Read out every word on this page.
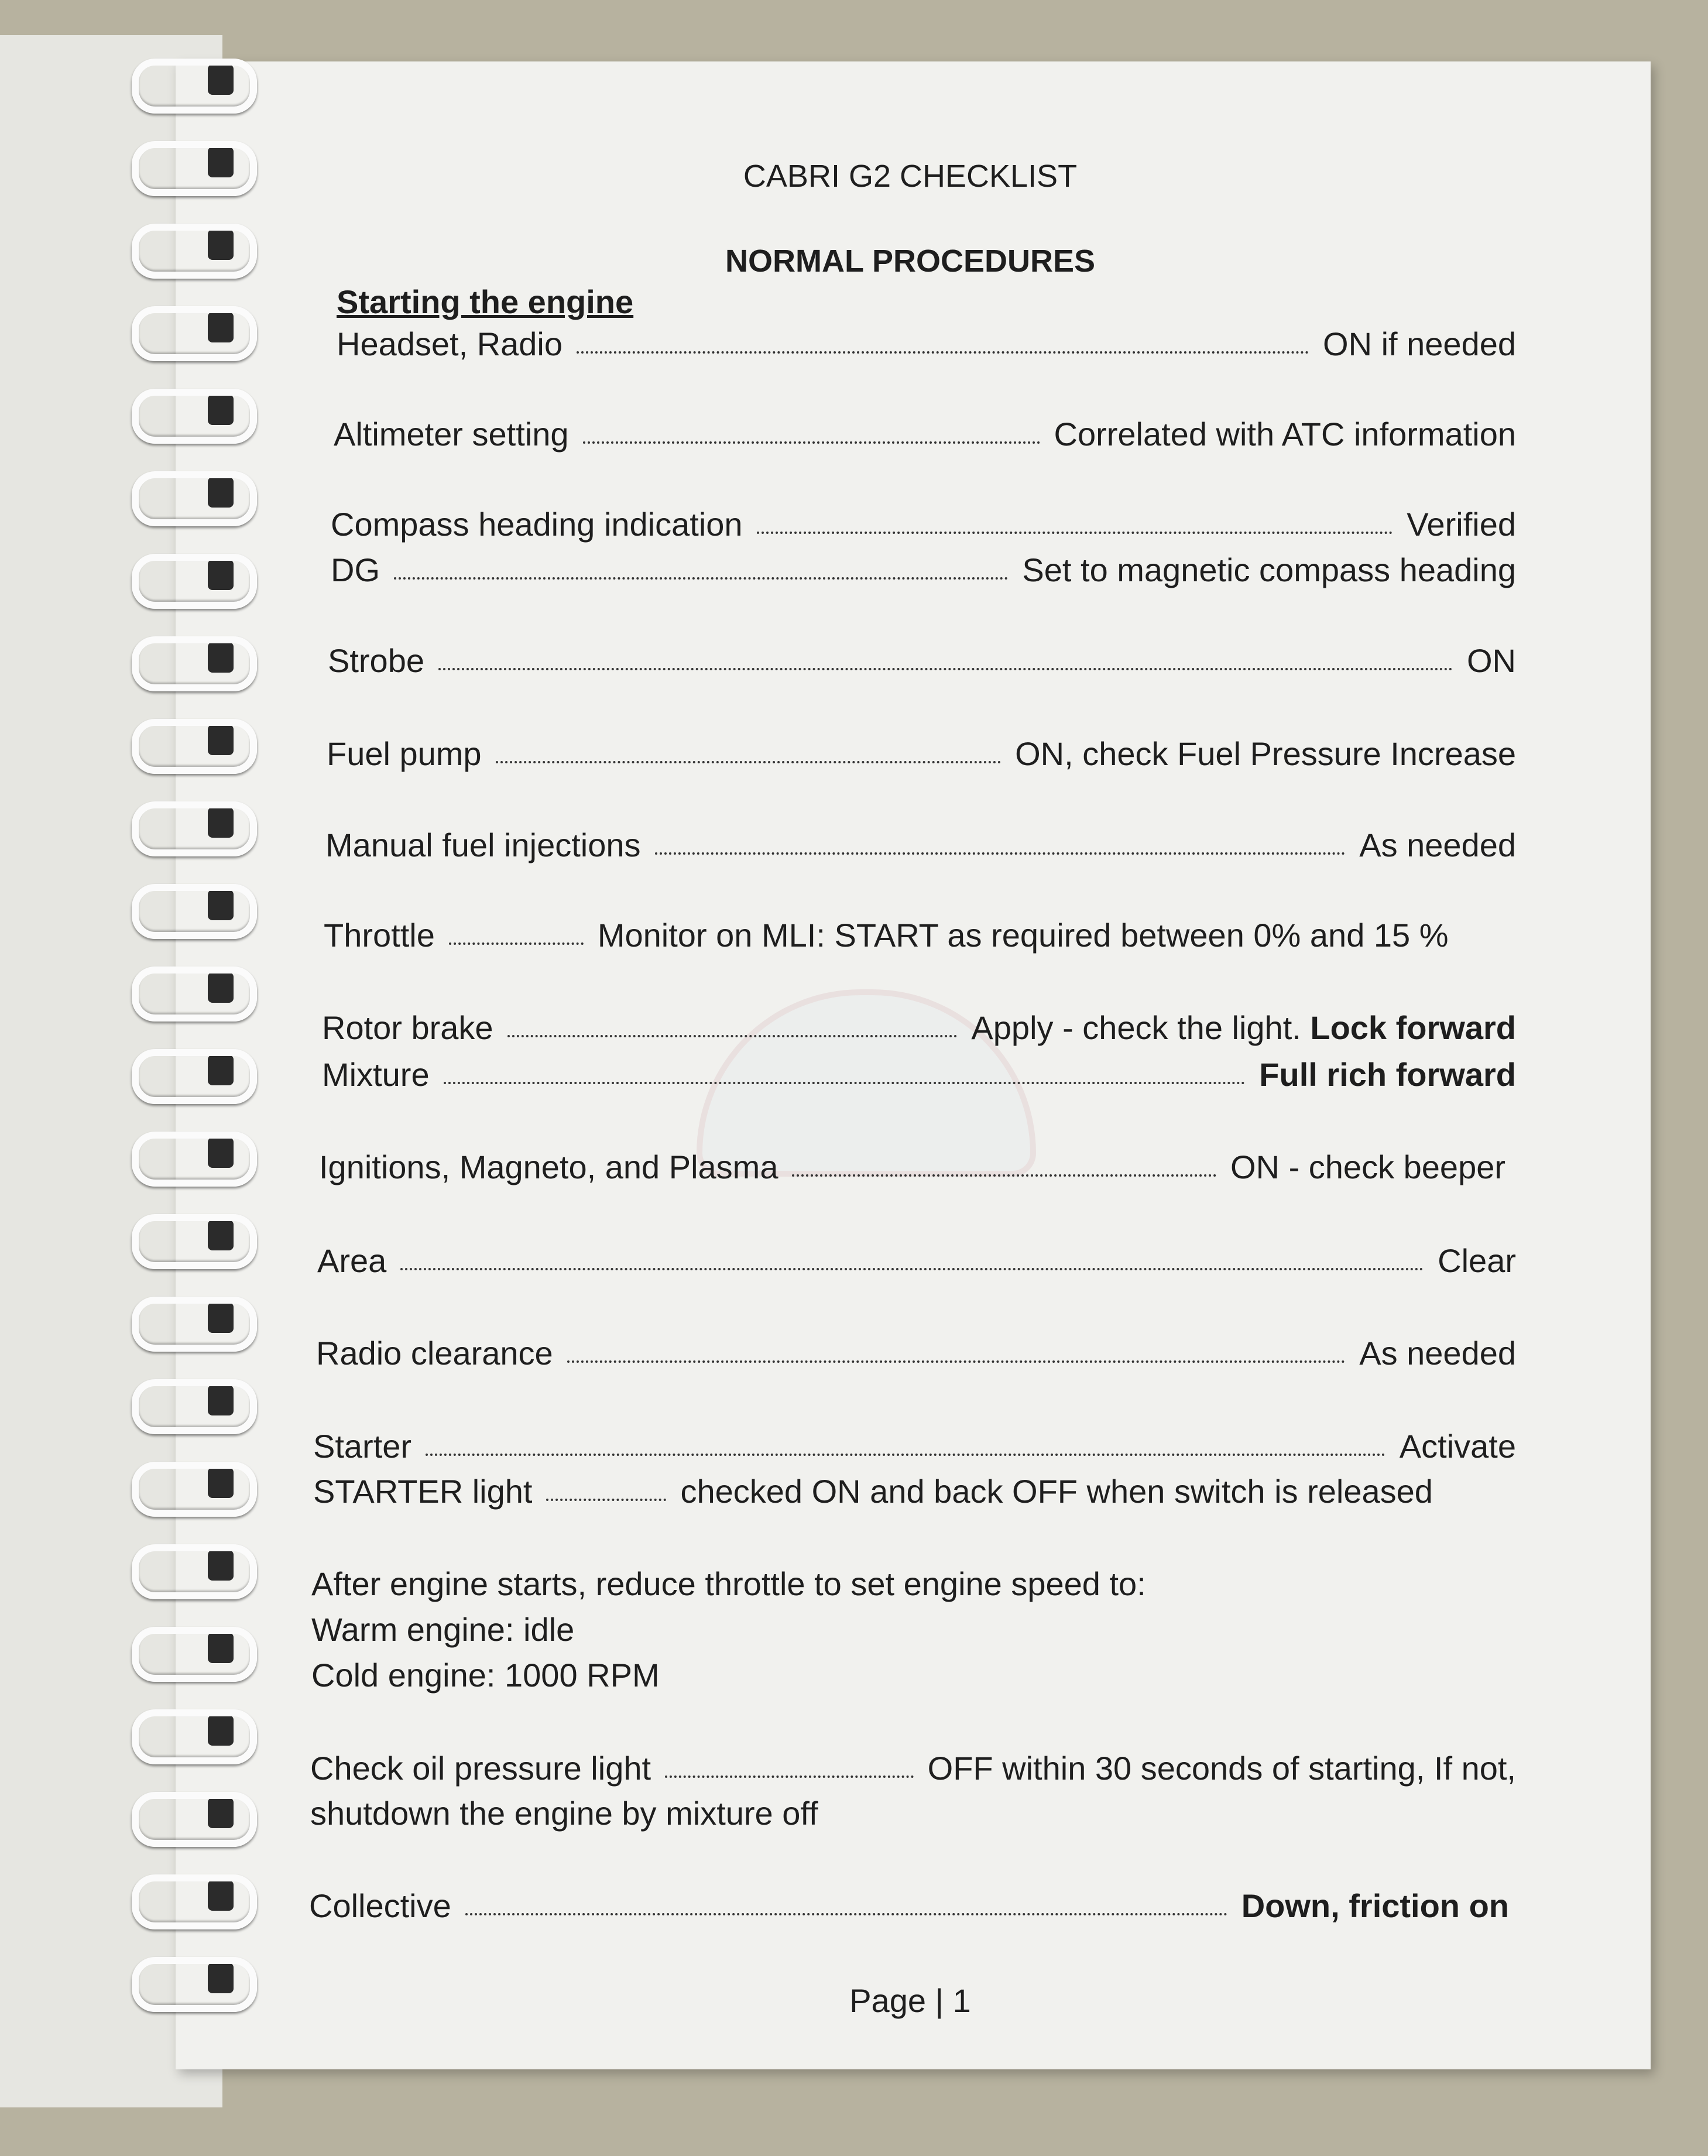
CABRI G2 CHECKLIST
NORMAL PROCEDURES
Starting the engine
Headset, Radio	ON if needed
Altimeter setting	Correlated with ATC information
Compass heading indication	Verified
DG	Set to magnetic compass heading
Strobe	ON
Fuel pump	ON, check Fuel Pressure Increase
Manual fuel injections	As needed
Throttle	Monitor on MLI: START as required between 0% and 15 %
Rotor brake	Apply - check the light. Lock forward
Mixture	Full rich forward
Ignitions, Magneto, and Plasma	ON - check beeper
Area	Clear
Radio clearance	As needed
Starter	Activate
STARTER light	checked ON and back OFF when switch is released
After engine starts, reduce throttle to set engine speed to:
Warm engine: idle
Cold engine: 1000 RPM
Check oil pressure light	OFF within 30 seconds of starting, If not,
shutdown the engine by mixture off
Collective	Down, friction on
Page | 1
